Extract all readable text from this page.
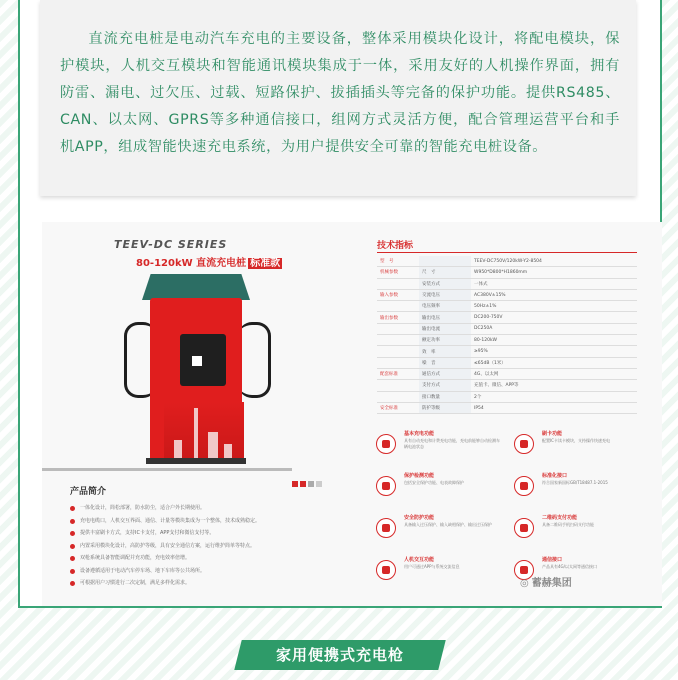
直流充电桩是电动汽车充电的主要设备，整体采用模块化设计，将配电模块，保护模块，人机交互模块和智能通讯模块集成于一体，采用友好的人机操作界面，拥有防雷、漏电、过欠压、过载、短路保护、拔插插头等完备的保护功能。提供RS485、CAN、以太网、GPRS等多种通信接口，组网方式灵活方便，配合管理运营平台和手机APP，组成智能快速充电系统，为用户提供安全可靠的智能充电桩设备。
TEEV-DC SERIES
80-120kW 直流充电桩 标准款
产品简介
一体化设计，简松部署，防水防尘，适合户外长期使用。
充电电缆口，人机交互界面、通信、计量等模块集成为一个整体，技术成熟稳定。
提供丰富刷卡方式，支持IC卡支付，APP支付和微信支付等。
内置采用模块化设计，高防护等级，具有安全通信方案，运行维护简单等特点。
双枪系统具备智能调配并充功能，充电效率倍增。
设备遵循适用于电动汽车停车场、地下车库等公共场所。
可根据用户习惯进行二次定制，满足多样化需求。
技术指标
型　号		TEEV-DC750V/120kW-Y2-8504
机械参数	尺　寸	W950*D800*H1860mm
	安装方式	一体式
输入参数	交流电压	AC380V±15%
	电压频率	50Hz±1%
输出参数	输出电压	DC200-750V
	输出电流	DC250A
	额定功率	80-120kW
	效　率	≥95%
	噪　音	≤65dB（1米）
配套标准	通信方式	4G、以太网
	支付方式	充值卡、微信、APP等
	接口数量	2个
安全标准	防护等级	IP54
基本充电功能
具有自动充电和计费充电功能，充电前能够自动检测车辆电池状态
刷卡功能
配置IC卡读卡模块，支持操作快速充电
保护检测功能
包括安全保护功能、电表故障保护
标准化接口
符合国家新国标GB/T18487.1-2015
安全防护功能
具备输入过压保护、输入缺相保护、输出过压保护
二维码支付功能
具备二维码手机扫码支付功能
人机交互功能
用户可通过APP与系统交流信息
通信接口
产品具有4G/以太网等通信接口
◎ 蓄赫集团
家用便携式充电枪
